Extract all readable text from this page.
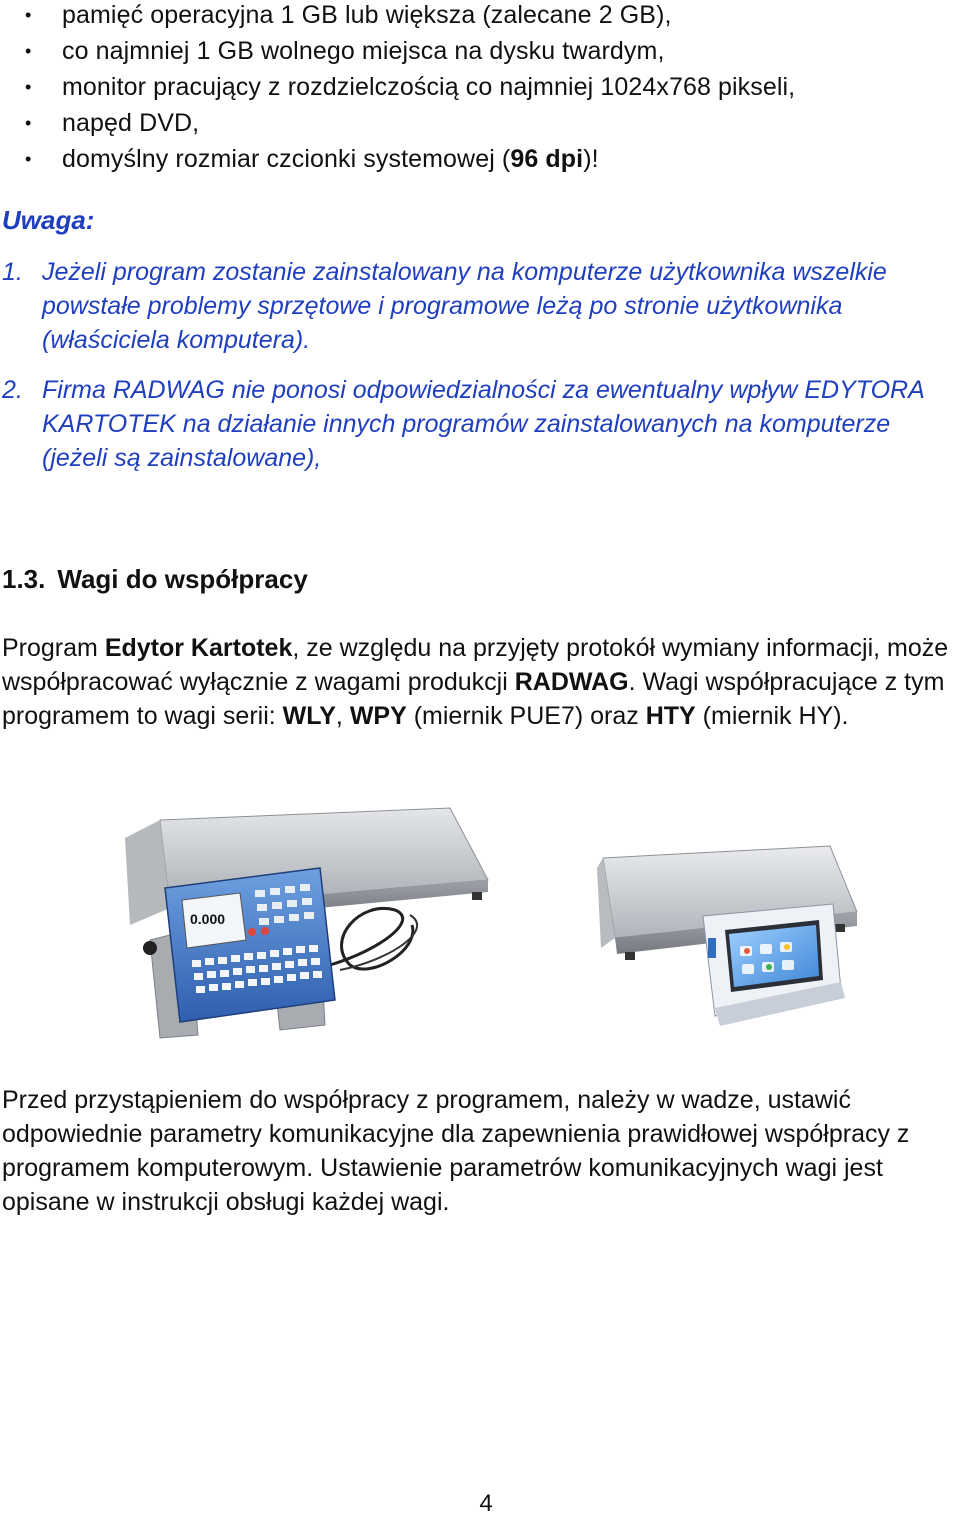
• pamięć operacyjna 1 GB lub większa (zalecane 2 GB),
• co najmniej 1 GB wolnego miejsca na dysku twardym,
• monitor pracujący z rozdzielczością co najmniej 1024x768 pikseli,
• napęd DVD,
• domyślny rozmiar czcionki systemowej (96 dpi)!
Uwaga:
1. Jeżeli program zostanie zainstalowany na komputerze użytkownika wszelkie powstałe problemy sprzętowe i programowe leżą po stronie użytkownika (właściciela komputera).
2. Firma RADWAG nie ponosi odpowiedzialności za ewentualny wpływ EDYTORA KARTOTEK na działanie innych programów zainstalowanych na komputerze (jeżeli są zainstalowane),
1.3. Wagi do współpracy
Program Edytor Kartotek, ze względu na przyjęty protokół wymiany informacji, może współpracować wyłącznie z wagami produkcji RADWAG. Wagi współpracujące z tym programem to wagi serii: WLY, WPY (miernik PUE7) oraz HTY (miernik HY).
0.000
Przed przystąpieniem do współpracy z programem, należy w wadze, ustawić odpowiednie parametry komunikacyjne dla zapewnienia prawidłowej współpracy z programem komputerowym. Ustawienie parametrów komunikacyjnych wagi jest opisane w instrukcji obsługi każdej wagi.
4
